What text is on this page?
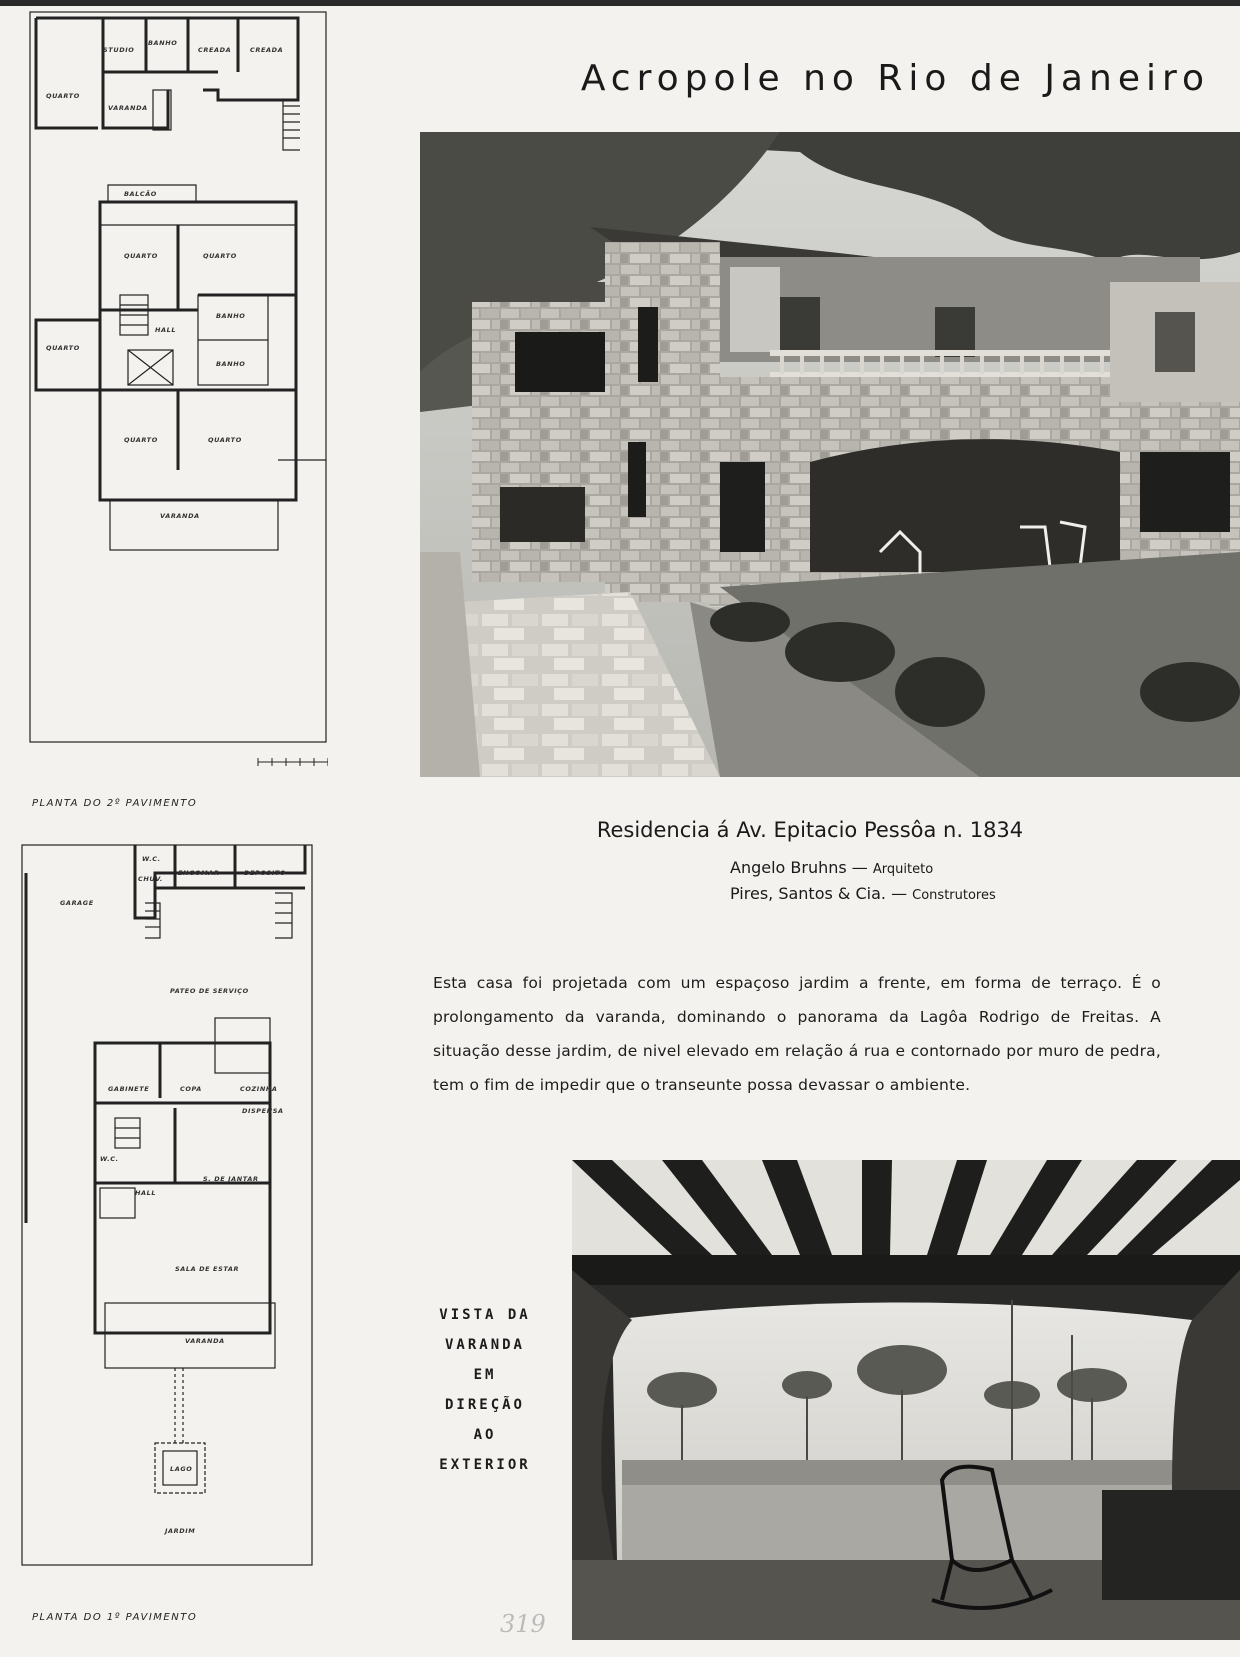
STUDIO
BANHO
CREADA	CREADA
QUARTO
VARANDA
BALCÃO
QUARTO	QUARTO
QUARTO
HALL
BANHO
BANHO
QUARTO	QUARTO
VARANDA
PLANTA DO 2º PAVIMENTO
W.C.
CHUV.
ENGOMAR	DEPOSITO
GARAGE
PATEO DE SERVIÇO
GABINETE	COPA	COZINHA
DISPENSA
W.C.
HALL
S. DE JANTAR
SALA DE ESTAR
VARANDA
LAGO
JARDIM
PLANTA DO 1º PAVIMENTO
Acropole no Rio de Janeiro
Residencia á Av. Epitacio Pessôa n. 1834
Angelo Bruhns — Arquiteto
Pires, Santos & Cia. — Construtores

Esta casa foi projetada com um espaçoso jardim a frente, em forma de terraço. É o prolongamento da varanda, dominando o panorama da Lagôa Rodrigo de Freitas. A situação desse jardim, de nivel elevado em relação á rua e contornado por muro de pedra, tem o fim de impedir que o transeunte possa devassar o ambiente.

VISTA DA
VARANDA
EM
DIREÇÃO
AO
EXTERIOR
319
